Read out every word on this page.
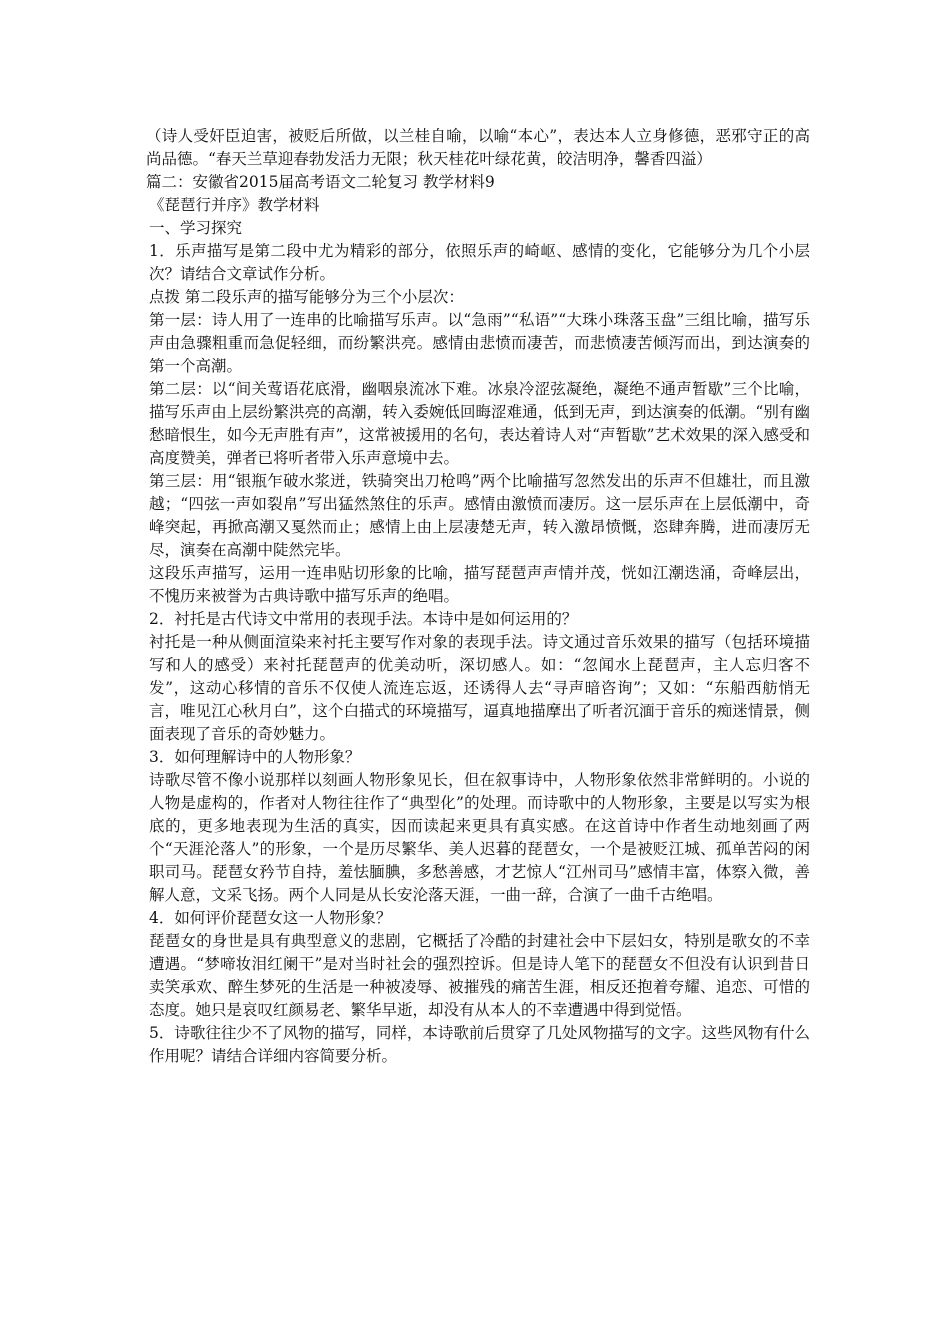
（诗人受奸臣迫害，被贬后所做，以兰桂自喻，以喻“本心”，表达本人立身修德，恶邪守正的高尚品德。“春天兰草迎春勃发活力无限；秋天桂花叶绿花黄，皎洁明净，馨香四溢）

篇二：安徽省2015届高考语文二轮复习 教学材料9

《琵琶行并序》教学材料

一、学习探究

1．乐声描写是第二段中尤为精彩的部分，依照乐声的崎岖、感情的变化，它能够分为几个小层次？请结合文章试作分析。

点拨 第二段乐声的描写能够分为三个小层次：

第一层：诗人用了一连串的比喻描写乐声。以“急雨”“私语”“大珠小珠落玉盘”三组比喻，描写乐声由急骤粗重而急促轻细，而纷繁洪亮。感情由悲愤而凄苦，而悲愤凄苦倾泻而出，到达演奏的第一个高潮。

第二层：以“间关莺语花底滑，幽咽泉流冰下难。冰泉冷涩弦凝绝，凝绝不通声暂歇”三个比喻，描写乐声由上层纷繁洪亮的高潮，转入委婉低回晦涩难通，低到无声，到达演奏的低潮。“别有幽愁暗恨生，如今无声胜有声”，这常被援用的名句，表达着诗人对“声暂歇”艺术效果的深入感受和高度赞美，弹者已将听者带入乐声意境中去。

第三层：用“银瓶乍破水浆迸，铁骑突出刀枪鸣”两个比喻描写忽然发出的乐声不但雄壮，而且激越；“四弦一声如裂帛”写出猛然煞住的乐声。感情由激愤而凄厉。这一层乐声在上层低潮中，奇峰突起，再掀高潮又戛然而止；感情上由上层凄楚无声，转入激昂愤慨，恣肆奔腾，进而凄厉无尽，演奏在高潮中陡然完毕。

这段乐声描写，运用一连串贴切形象的比喻，描写琵琶声声情并茂，恍如江潮迭涌，奇峰层出，不愧历来被誉为古典诗歌中描写乐声的绝唱。

2．衬托是古代诗文中常用的表现手法。本诗中是如何运用的？

衬托是一种从侧面渲染来衬托主要写作对象的表现手法。诗文通过音乐效果的描写（包括环境描写和人的感受）来衬托琵琶声的优美动听，深切感人。如：“忽闻水上琵琶声，主人忘归客不发”，这动心移情的音乐不仅使人流连忘返，还诱得人去“寻声暗咨询”；又如：“东船西舫悄无言，唯见江心秋月白”，这个白描式的环境描写，逼真地描摩出了听者沉湎于音乐的痴迷情景，侧面表现了音乐的奇妙魅力。

3．如何理解诗中的人物形象？

诗歌尽管不像小说那样以刻画人物形象见长，但在叙事诗中，人物形象依然非常鲜明的。小说的人物是虚构的，作者对人物往往作了“典型化”的处理。而诗歌中的人物形象，主要是以写实为根底的，更多地表现为生活的真实，因而读起来更具有真实感。在这首诗中作者生动地刻画了两个“天涯沦落人”的形象，一个是历尽繁华、美人迟暮的琵琶女，一个是被贬江城、孤单苦闷的闲职司马。琵琶女矜节自持，羞怯腼腆，多愁善感，才艺惊人“江州司马”感情丰富，体察入微，善解人意，文采飞扬。两个人同是从长安沦落天涯，一曲一辞，合演了一曲千古绝唱。

4．如何评价琵琶女这一人物形象？

琵琶女的身世是具有典型意义的悲剧，它概括了冷酷的封建社会中下层妇女，特别是歌女的不幸遭遇。“梦啼妆泪红阑干”是对当时社会的强烈控诉。但是诗人笔下的琵琶女不但没有认识到昔日卖笑承欢、醉生梦死的生活是一种被凌辱、被摧残的痛苦生涯，相反还抱着夸耀、追恋、可惜的态度。她只是哀叹红颜易老、繁华早逝，却没有从本人的不幸遭遇中得到觉悟。

5．诗歌往往少不了风物的描写，同样，本诗歌前后贯穿了几处风物描写的文字。这些风物有什么作用呢？请结合详细内容简要分析。
